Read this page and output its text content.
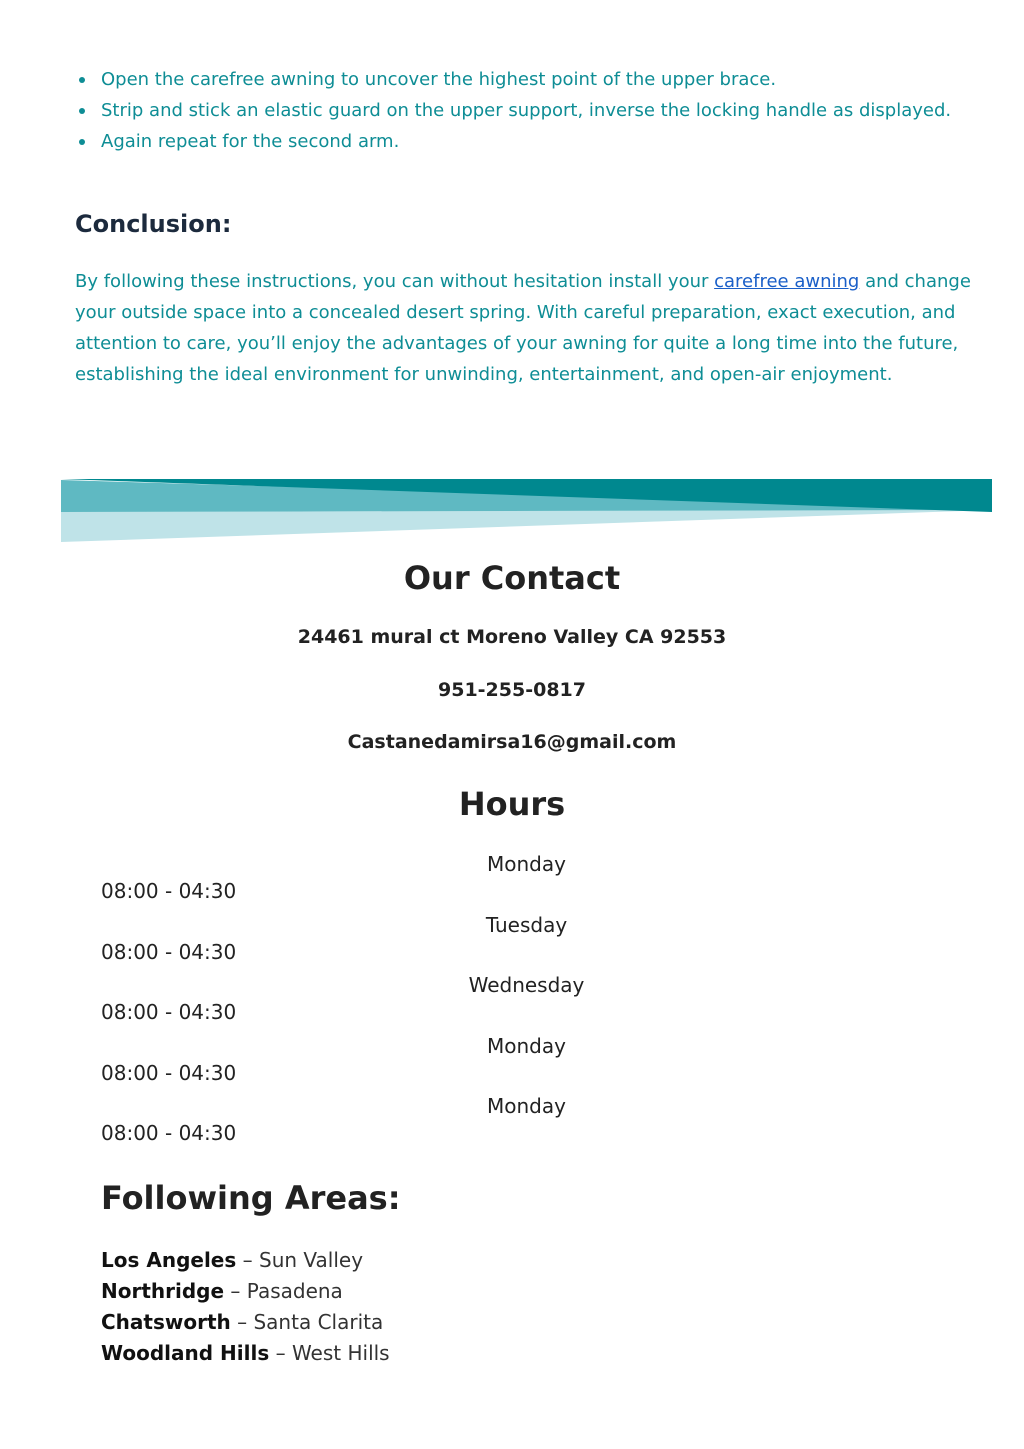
Open the carefree awning to uncover the highest point of the upper brace.
Strip and stick an elastic guard on the upper support, inverse the locking handle as displayed.
Again repeat for the second arm.
Conclusion:

By following these instructions, you can without hesitation install your carefree awning and change your outside space into a concealed desert spring. With careful preparation, exact execution, and attention to care, you’ll enjoy the advantages of your awning for quite a long time into the future, establishing the ideal environment for unwinding, entertainment, and open-air enjoyment.

Our Contact
24461 mural ct Moreno Valley CA 92553
951-255-0817
Castanedamirsa16@gmail.com
Hours
Monday
08:00 - 04:30
Tuesday
08:00 - 04:30
Wednesday
08:00 - 04:30
Monday
08:00 - 04:30
Monday
08:00 - 04:30
Following Areas:
Los Angeles – Sun Valley
Northridge – Pasadena
Chatsworth – Santa Clarita
Woodland Hills – West Hills
